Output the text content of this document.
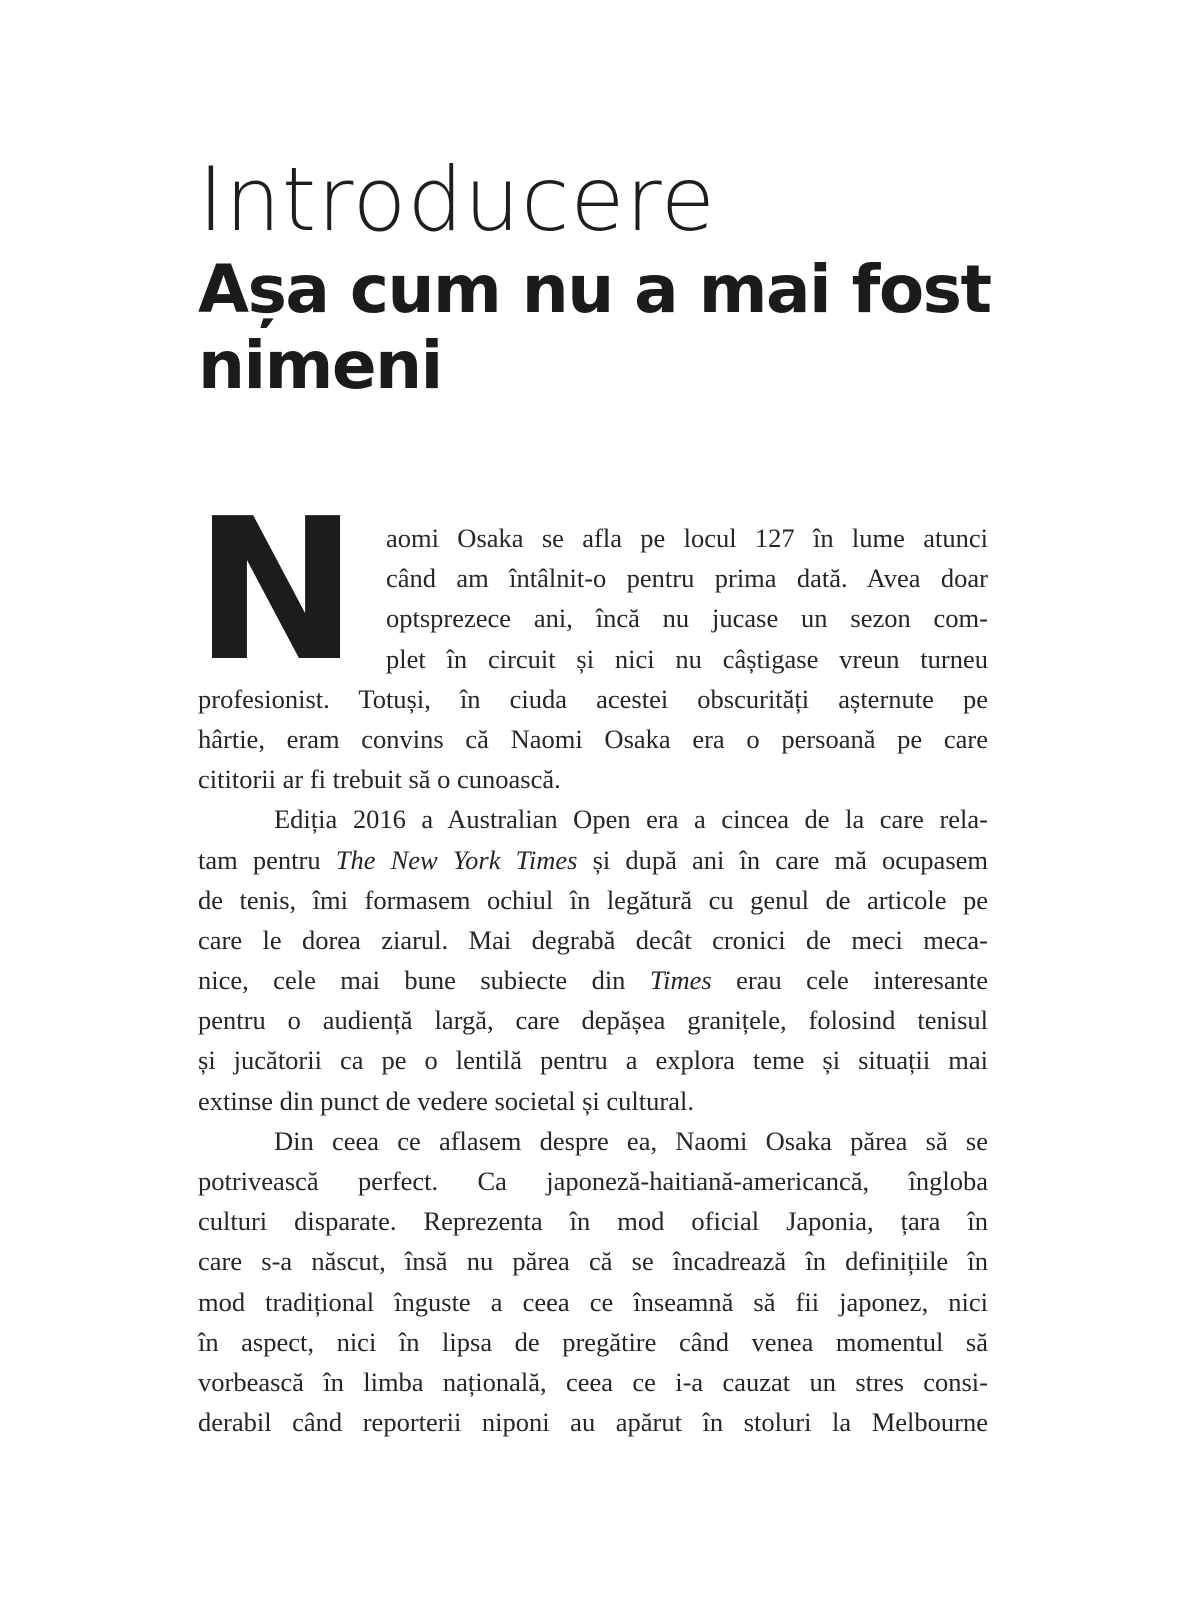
Introducere
Așa cum nu a mai fost
nimeni
N	aomi Osaka se afla pe locul 127 în lume atunci
când am întâlnit-o pentru prima dată. Avea doar
optsprezece ani, încă nu jucase un sezon com-
plet în circuit și nici nu câștigase vreun turneu
profesionist. Totuși, în ciuda acestei obscurități așternute pe
hârtie, eram convins că Naomi Osaka era o persoană pe care
cititorii ar fi trebuit să o cunoască.
Ediția 2016 a Australian Open era a cincea de la care rela-
tam pentru The New York Times și după ani în care mă ocupasem
de tenis, îmi formasem ochiul în legătură cu genul de articole pe
care le dorea ziarul. Mai degrabă decât cronici de meci meca-
nice, cele mai bune subiecte din Times erau cele interesante
pentru o audiență largă, care depășea granițele, folosind tenisul
și jucătorii ca pe o lentilă pentru a explora teme și situații mai
extinse din punct de vedere societal și cultural.
Din ceea ce aflasem despre ea, Naomi Osaka părea să se
potrivească perfect. Ca japoneză-haitiană-americancă, îngloba
culturi disparate. Reprezenta în mod oficial Japonia, țara în
care s-a născut, însă nu părea că se încadrează în definițiile în
mod tradițional înguste a ceea ce înseamnă să fii japonez, nici
în aspect, nici în lipsa de pregătire când venea momentul să
vorbească în limba națională, ceea ce i-a cauzat un stres consi-
derabil când reporterii niponi au apărut în stoluri la Melbourne
